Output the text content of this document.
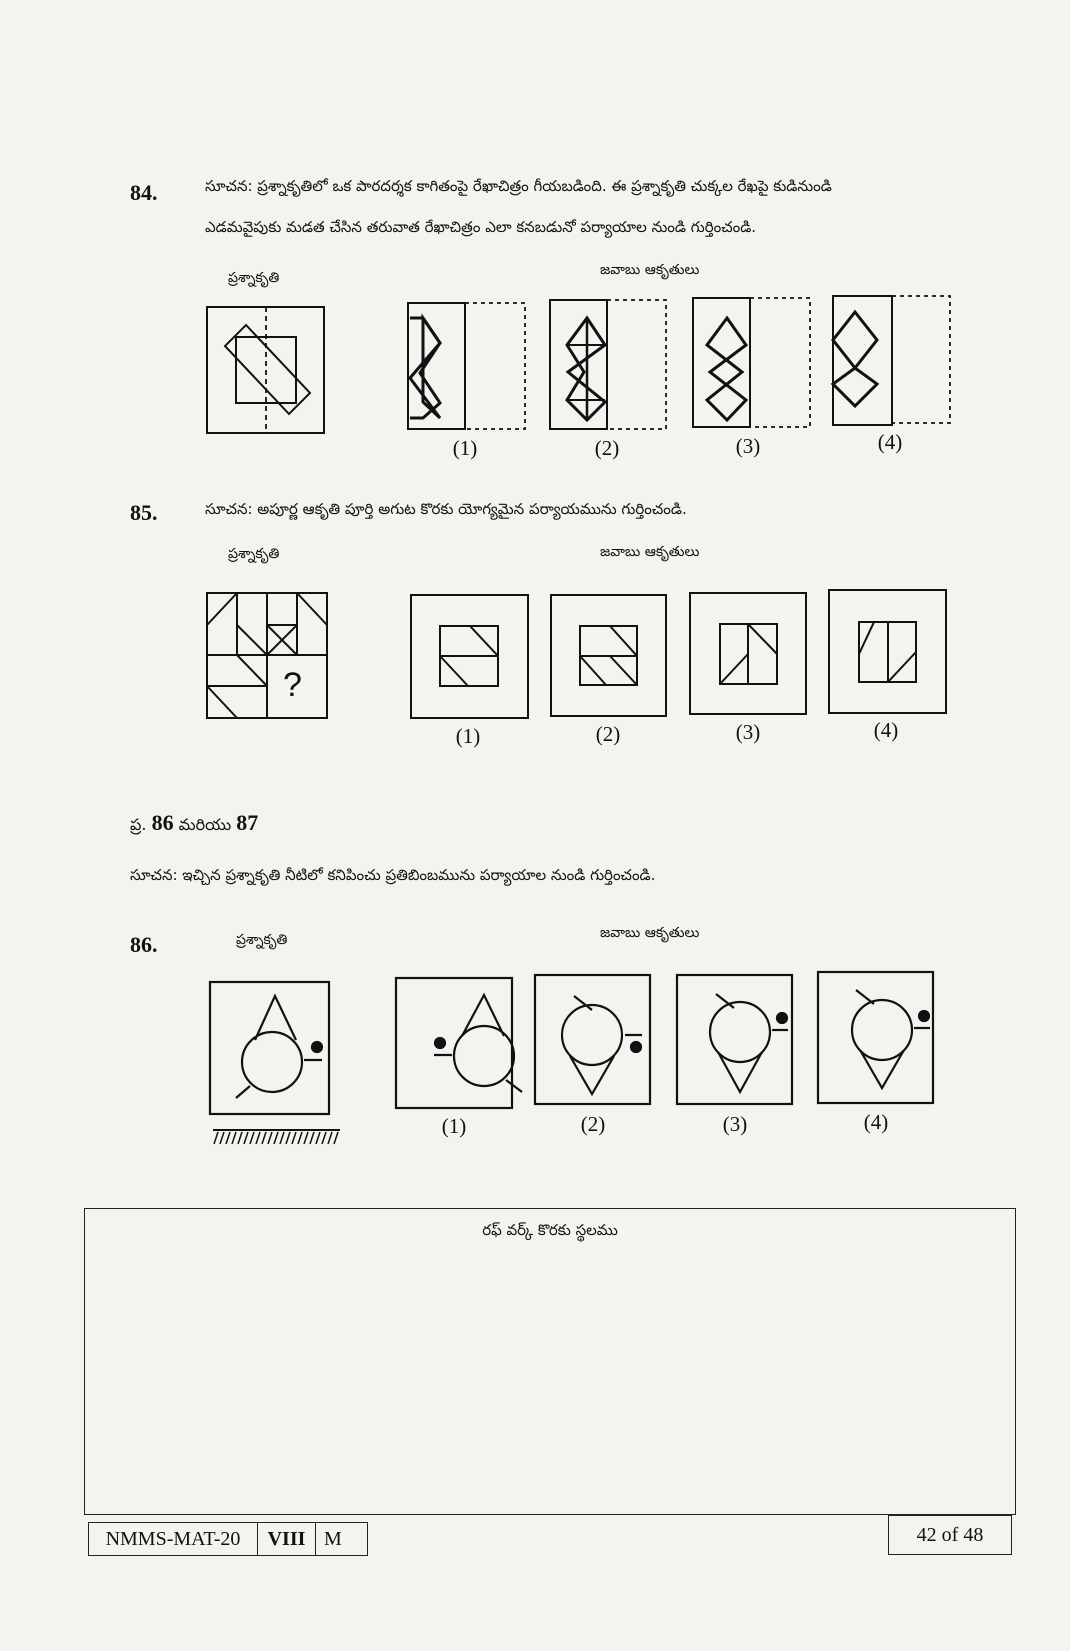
84.	సూచన: ప్రశ్నాకృతిలో ఒక పారదర్శక కాగితంపై రేఖాచిత్రం గీయబడింది. ఈ ప్రశ్నాకృతి చుక్కల రేఖపై కుడినుండి
ఎడమవైపుకు మడత చేసిన తరువాత రేఖాచిత్రం ఎలా కనబడునో పర్యాయాల నుండి గుర్తించండి.
ప్రశ్నాకృతి	జవాబు ఆకృతులు
(1)	(2)	(3)	(4)
85.	సూచన: అపూర్ణ ఆకృతి పూర్తి అగుట కొరకు యోగ్యమైన పర్యాయమును గుర్తించండి.
ప్రశ్నాకృతి	జవాబు ఆకృతులు
?
(1)	(2)	(3)	(4)
ప్ర. 86 మరియు 87
సూచన: ఇచ్చిన ప్రశ్నాకృతి నీటిలో కనిపించు ప్రతిబింబమును పర్యాయాల నుండి గుర్తించండి.
86.	ప్రశ్నాకృతి	జవాబు ఆకృతులు
(1)	(2)	(3)	(4)
రఫ్ వర్క్ కొరకు స్థలము
NMMS-MAT-20	VIII M	42 of 48
